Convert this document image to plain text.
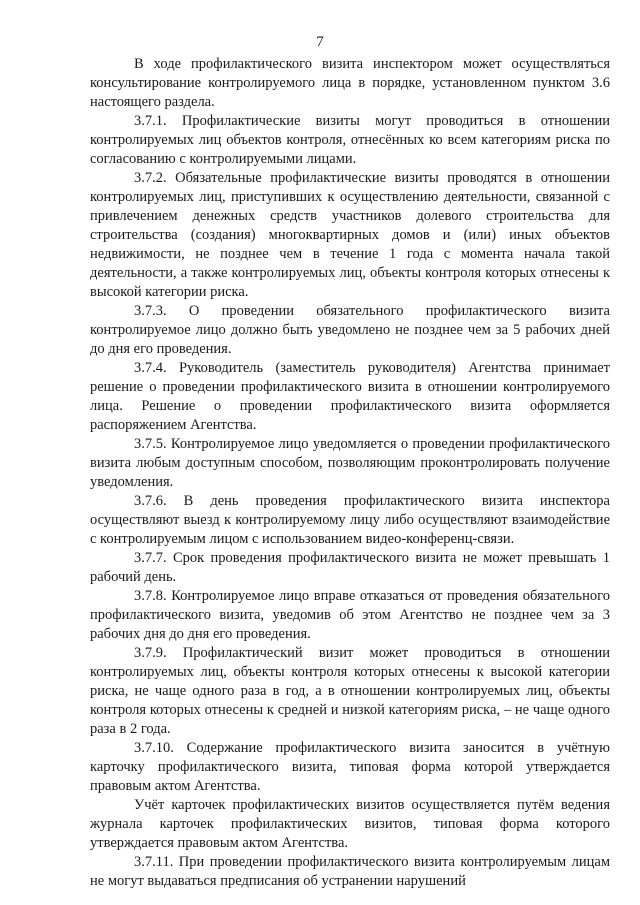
7

В ходе профилактического визита инспектором может осуществляться консультирование контролируемого лица в порядке, установленном пунктом 3.6 настоящего раздела.

3.7.1. Профилактические визиты могут проводиться в отношении контролируемых лиц объектов контроля, отнесённых ко всем категориям риска по согласованию с контролируемыми лицами.

3.7.2. Обязательные профилактические визиты проводятся в отношении контролируемых лиц, приступивших к осуществлению деятельности, связанной с привлечением денежных средств участников долевого строительства для строительства (создания) многоквартирных домов и (или) иных объектов недвижимости, не позднее чем в течение 1 года с момента начала такой деятельности, а также контролируемых лиц, объекты контроля которых отнесены к высокой категории риска.

3.7.3. О проведении обязательного профилактического визита контролируемое лицо должно быть уведомлено не позднее чем за 5 рабочих дней до дня его проведения.

3.7.4. Руководитель (заместитель руководителя) Агентства принимает решение о проведении профилактического визита в отношении контролируемого лица. Решение о проведении профилактического визита оформляется распоряжением Агентства.

3.7.5. Контролируемое лицо уведомляется о проведении профилактического визита любым доступным способом, позволяющим проконтролировать получение уведомления.

3.7.6. В день проведения профилактического визита инспектора осуществляют выезд к контролируемому лицу либо осуществляют взаимодействие с контролируемым лицом с использованием видео-конференц-связи.

3.7.7. Срок проведения профилактического визита не может превышать 1 рабочий день.

3.7.8. Контролируемое лицо вправе отказаться от проведения обязательного профилактического визита, уведомив об этом Агентство не позднее чем за 3 рабочих дня до дня его проведения.

3.7.9. Профилактический визит может проводиться в отношении контролируемых лиц, объекты контроля которых отнесены к высокой категории риска, не чаще одного раза в год, а в отношении контролируемых лиц, объекты контроля которых отнесены к средней и низкой категориям риска, – не чаще одного раза в 2 года.

3.7.10. Содержание профилактического визита заносится в учётную карточку профилактического визита, типовая форма которой утверждается правовым актом Агентства.

Учёт карточек профилактических визитов осуществляется путём ведения журнала карточек профилактических визитов, типовая форма которого утверждается правовым актом Агентства.

3.7.11. При проведении профилактического визита контролируемым лицам не могут выдаваться предписания об устранении нарушений
